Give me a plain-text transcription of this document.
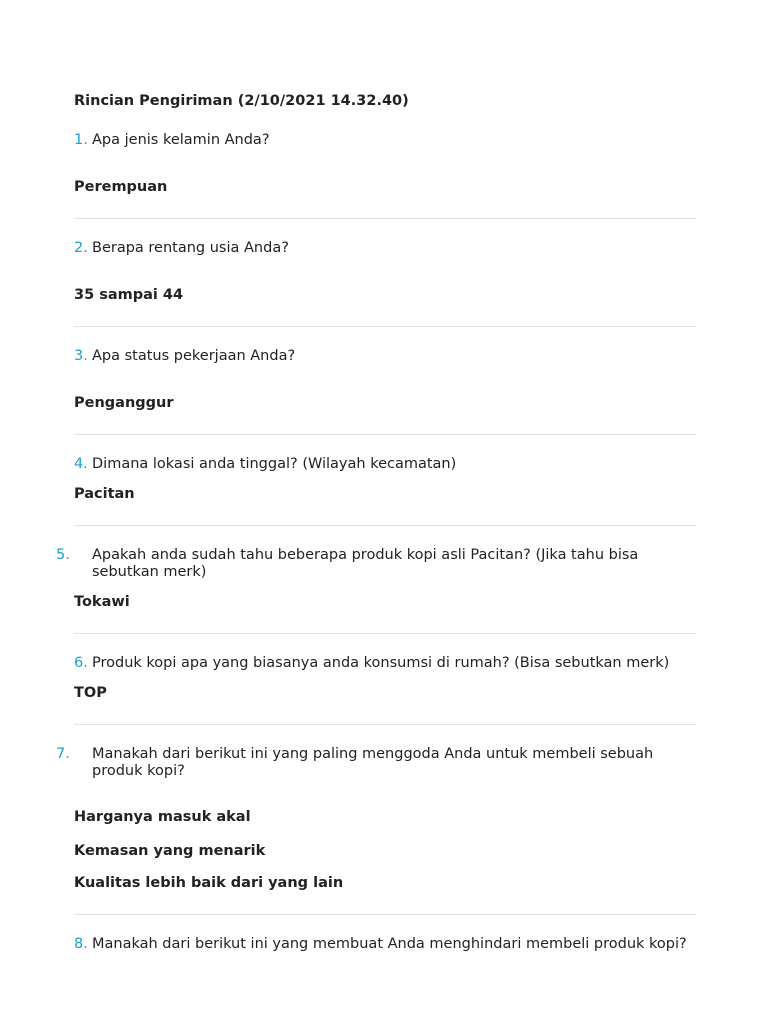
Rincian Pengiriman (2/10/2021 14.32.40)
1. Apa jenis kelamin Anda?
Perempuan
2. Berapa rentang usia Anda?
35 sampai 44
3. Apa status pekerjaan Anda?
Penganggur
4. Dimana lokasi anda tinggal? (Wilayah kecamatan)
Pacitan
5. Apakah anda sudah tahu beberapa produk kopi asli Pacitan? (Jika tahu bisa sebutkan merk)
Tokawi
6. Produk kopi apa yang biasanya anda konsumsi di rumah? (Bisa sebutkan merk)
TOP
7. Manakah dari berikut ini yang paling menggoda Anda untuk membeli sebuah produk kopi?
Harganya masuk akal
Kemasan yang menarik
Kualitas lebih baik dari yang lain
8. Manakah dari berikut ini yang membuat Anda menghindari membeli produk kopi?
